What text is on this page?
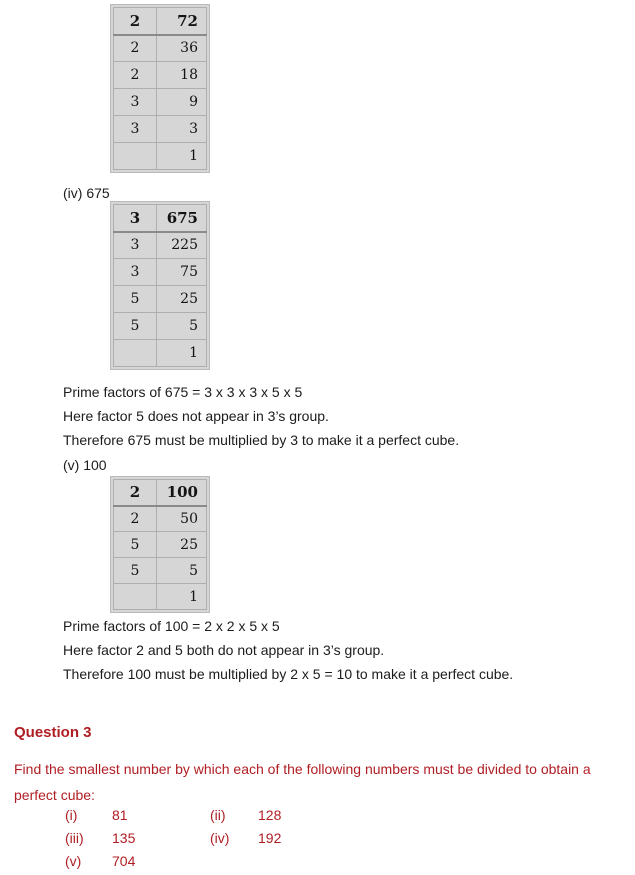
2	72
2	36
2	18
3	9
3	3
	1
(iv) 675
3	675
3	225
3	75
5	25
5	5
	1

Prime factors of 675 = 3 x 3 x 3 x 5 x 5

Here factor 5 does not appear in 3’s group.

Therefore 675 must be multiplied by 3 to make it a perfect cube.

(v) 100
2	100
2	50
5	25
5	5
	1

Prime factors of 100 = 2 x 2 x 5 x 5

Here factor 2 and 5 both do not appear in 3’s group.

Therefore 100 must be multiplied by 2 x 5 = 10 to make it a perfect cube.

Question 3
Find the smallest number by which each of the following numbers must be divided to obtain a perfect cube:
(i)	81	(ii)	128
(iii)	135	(iv)	192
(v)	704
